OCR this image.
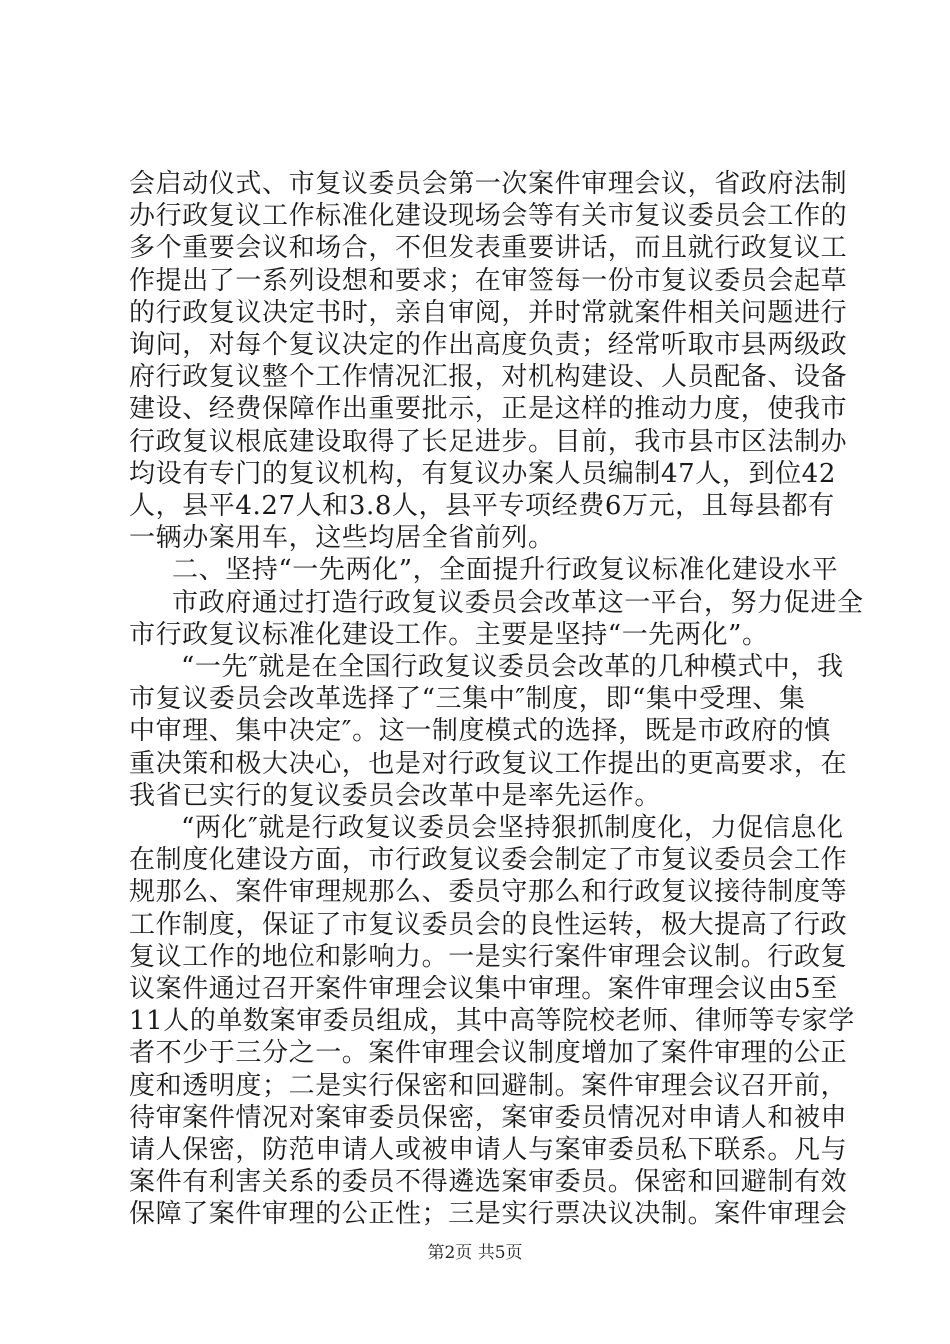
会启动仪式、市复议委员会第一次案件审理会议，省政府法制
办行政复议工作标准化建设现场会等有关市复议委员会工作的
多个重要会议和场合，不但发表重要讲话，而且就行政复议工
作提出了一系列设想和要求；在审签每一份市复议委员会起草
的行政复议决定书时，亲自审阅，并时常就案件相关问题进行
询问，对每个复议决定的作出高度负责；经常听取市县两级政
府行政复议整个工作情况汇报，对机构建设、人员配备、设备
建设、经费保障作出重要批示，正是这样的推动力度，使我市
行政复议根底建设取得了长足进步。目前，我市县市区法制办
均设有专门的复议机构，有复议办案人员编制47人，到位42
人，县平4.27人和3.8人，县平专项经费6万元，且每县都有
一辆办案用车，这些均居全省前列。
二、坚持“一先两化”，全面提升行政复议标准化建设水平
市政府通过打造行政复议委员会改革这一平台，努力促进全
市行政复议标准化建设工作。主要是坚持“一先两化”。
“一先″就是在全国行政复议委员会改革的几种模式中，我
市复议委员会改革选择了“三集中″制度，即“集中受理、集
中审理、集中决定″。这一制度模式的选择，既是市政府的慎
重决策和极大决心，也是对行政复议工作提出的更高要求，在
我省已实行的复议委员会改革中是率先运作。
“两化″就是行政复议委员会坚持狠抓制度化，力促信息化
在制度化建设方面，市行政复议委会制定了市复议委员会工作
规那么、案件审理规那么、委员守那么和行政复议接待制度等
工作制度，保证了市复议委员会的良性运转，极大提高了行政
复议工作的地位和影响力。一是实行案件审理会议制。行政复
议案件通过召开案件审理会议集中审理。案件审理会议由5至
11人的单数案审委员组成，其中高等院校老师、律师等专家学
者不少于三分之一。案件审理会议制度增加了案件审理的公正
度和透明度；二是实行保密和回避制。案件审理会议召开前，
待审案件情况对案审委员保密，案审委员情况对申请人和被申
请人保密，防范申请人或被申请人与案审委员私下联系。凡与
案件有利害关系的委员不得遴选案审委员。保密和回避制有效
保障了案件审理的公正性；三是实行票决议决制。案件审理会
第2页 共5页
